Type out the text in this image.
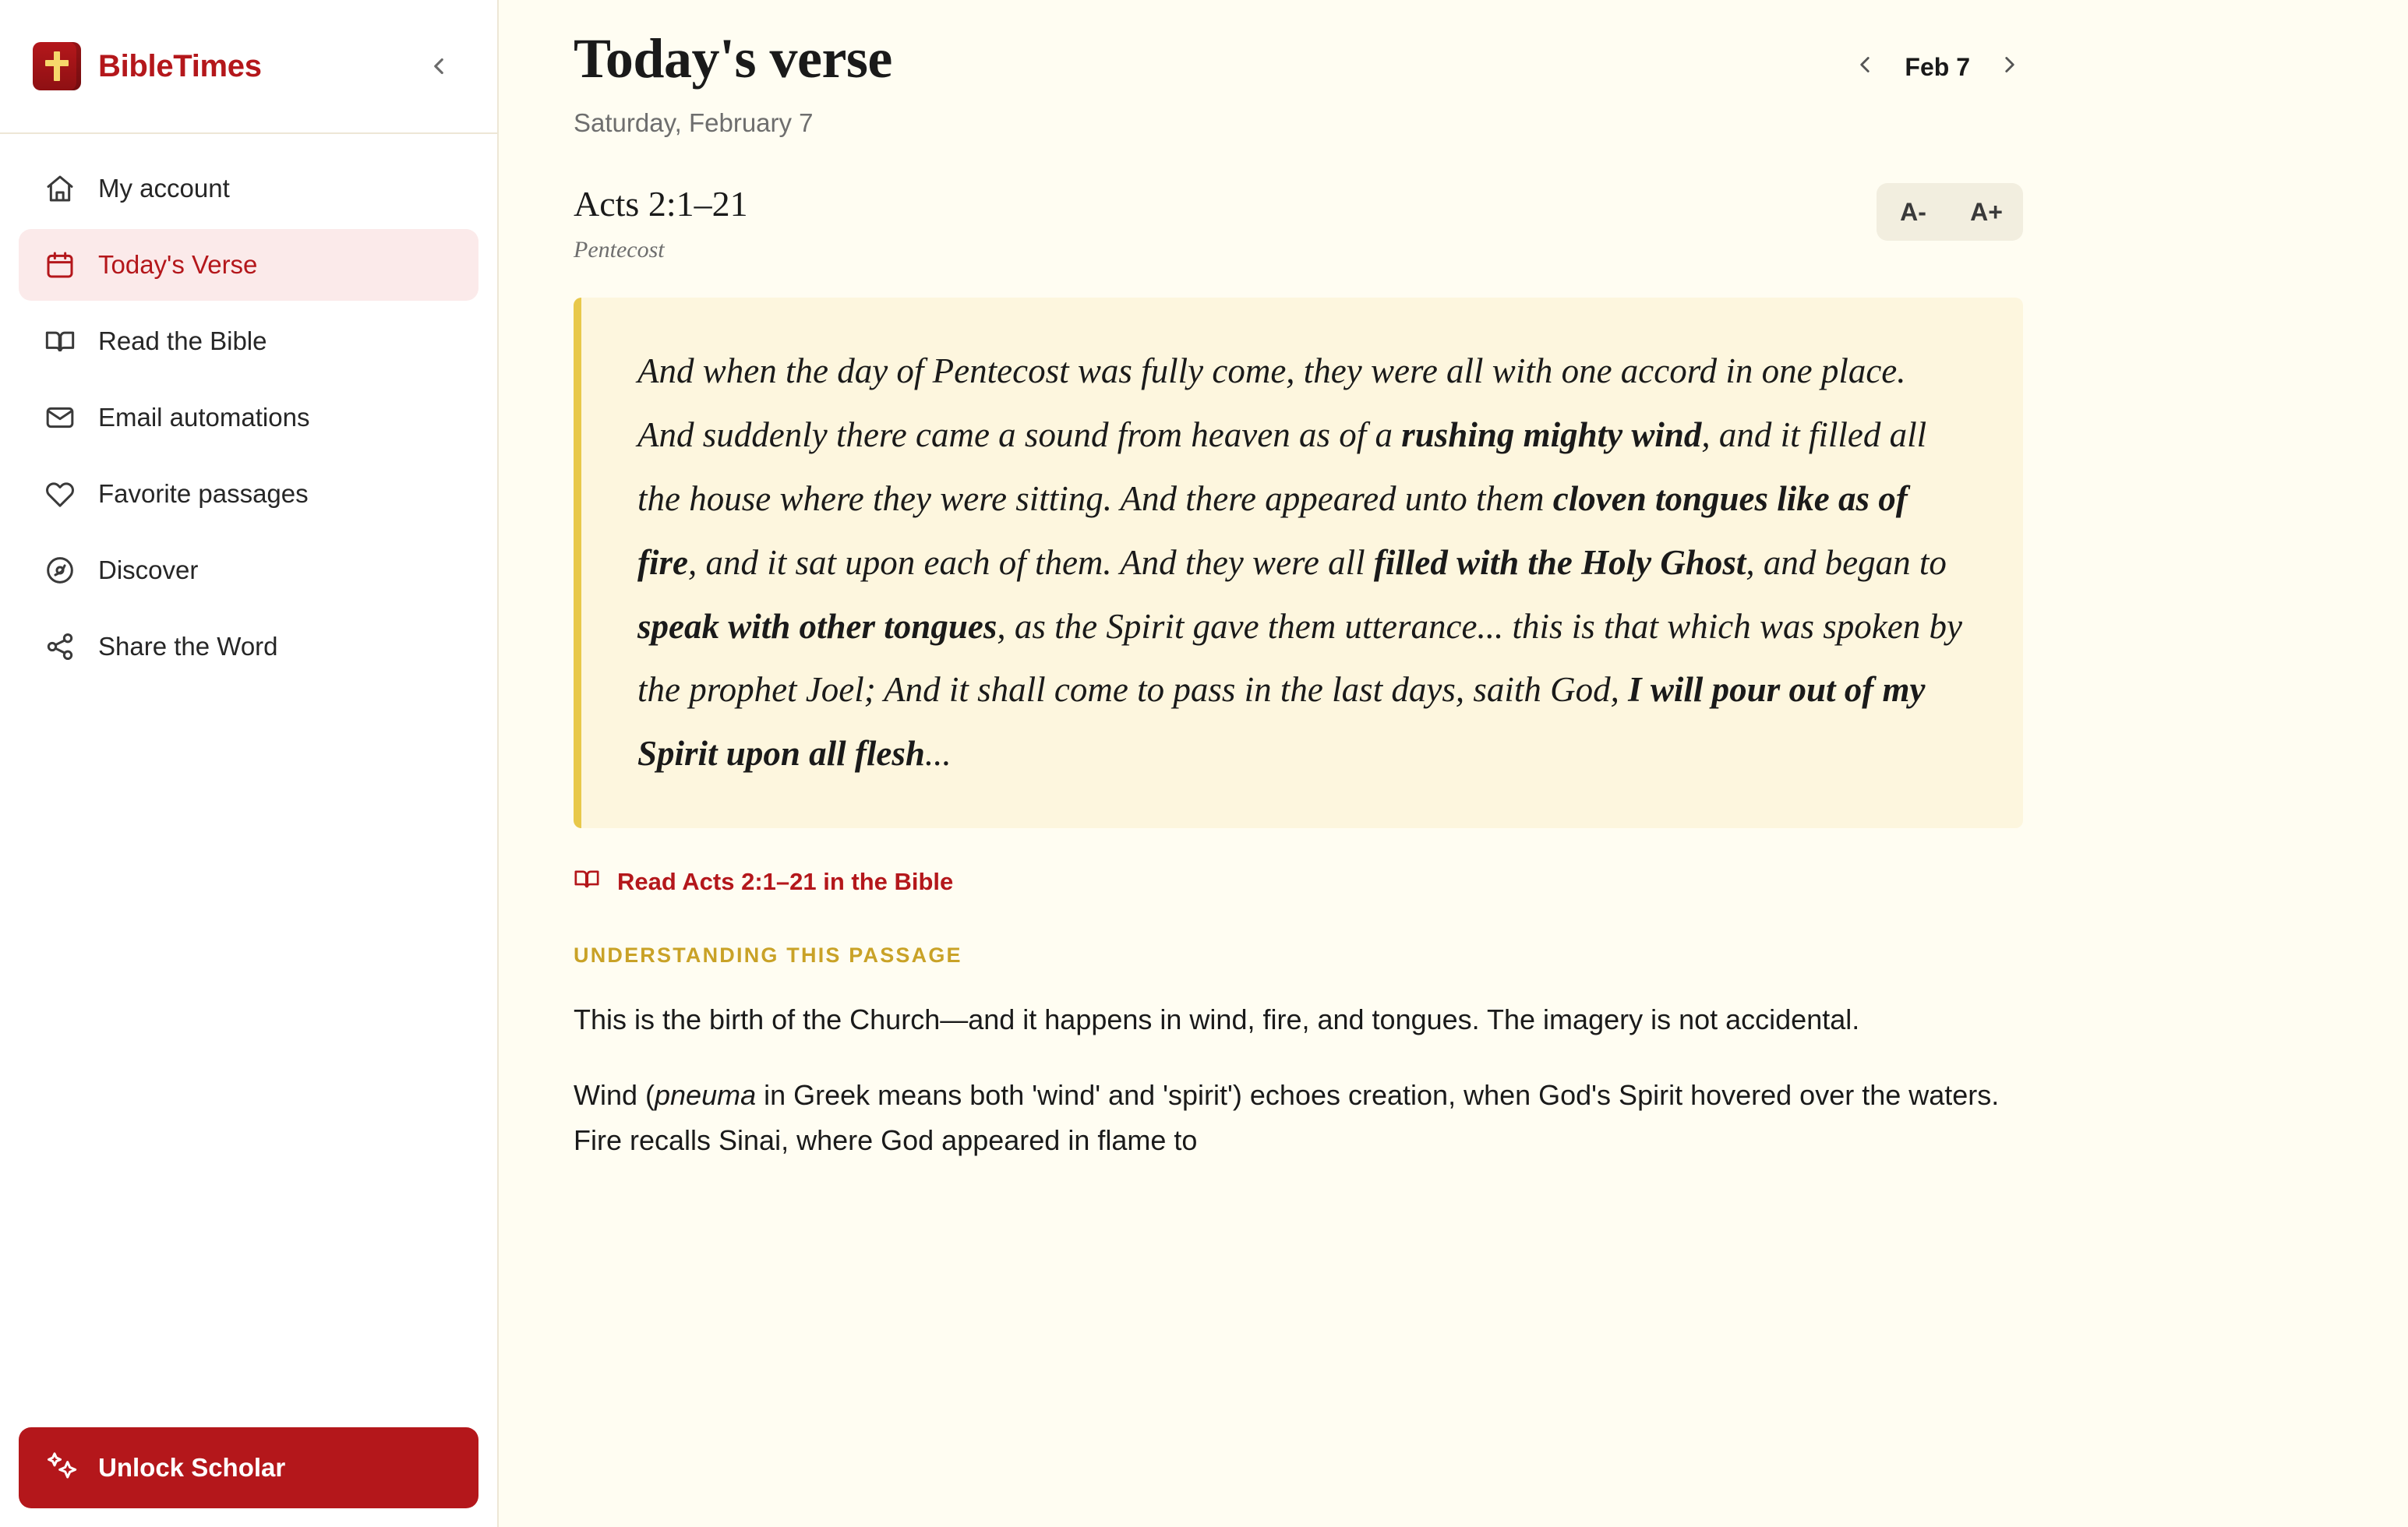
BibleTimes
My account
Today's Verse
Read the Bible
Email automations
Favorite passages
Discover
Share the Word
Unlock Scholar
Today's verse	Feb 7
Saturday, February 7
Acts 2:1–21
Pentecost
A-	A+
And when the day of Pentecost was fully come, they were all with one accord in one place. And suddenly there came a sound from heaven as of a rushing mighty wind, and it filled all the house where they were sitting. And there appeared unto them cloven tongues like as of fire, and it sat upon each of them. And they were all filled with the Holy Ghost, and began to speak with other tongues, as the Spirit gave them utterance... this is that which was spoken by the prophet Joel; And it shall come to pass in the last days, saith God, I will pour out of my Spirit upon all flesh...
Read Acts 2:1–21 in the Bible
UNDERSTANDING THIS PASSAGE

This is the birth of the Church—and it happens in wind, fire, and tongues. The imagery is not accidental.

Wind (pneuma in Greek means both 'wind' and 'spirit') echoes creation, when God's Spirit hovered over the waters. Fire recalls Sinai, where God appeared in flame to
